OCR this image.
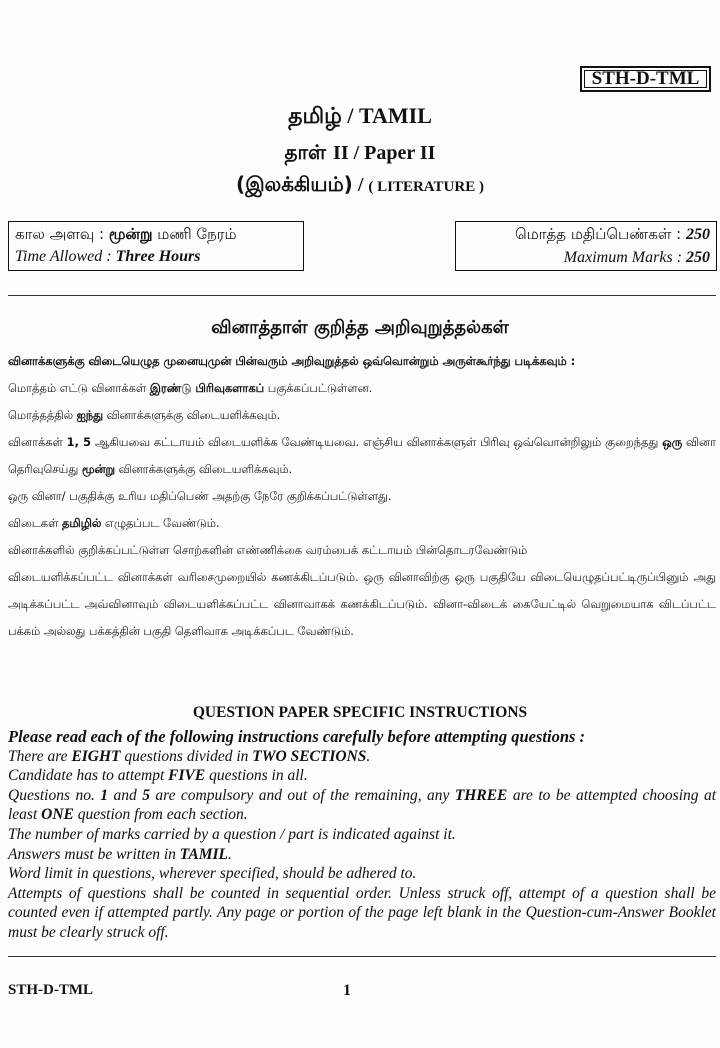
STH-D-TML
தமிழ் / TAMIL
தாள் II / Paper II
(இலக்கியம்) / ( LITERATURE )
கால அளவு : மூன்று மணி நேரம்
Time Allowed : Three Hours
மொத்த மதிப்பெண்கள் : 250
Maximum Marks : 250
வினாத்தாள் குறித்த அறிவுறுத்தல்கள்

வினாக்களுக்கு விடையெழுத முனையுமுன் பின்வரும் அறிவுறுத்தல் ஒவ்வொன்றும் அருள்கூர்ந்து படிக்கவும் :

மொத்தம் எட்டு வினாக்கள் இரண்டு பிரிவுகளாகப் பகுக்கப்பட்டுள்ளன.

மொத்தத்தில் ஐந்து வினாக்களுக்கு விடையளிக்கவும்.

வினாக்கள் 1, 5 ஆகியவை கட்டாயம் விடையளிக்க வேண்டியவை. எஞ்சிய வினாக்களுள் பிரிவு ஒவ்வொன்றிலும் குறைந்தது ஒரு வினா தெரிவுசெய்து மூன்று வினாக்களுக்கு விடையளிக்கவும்.

ஒரு வினா/ பகுதிக்கு உரிய மதிப்பெண் அதற்கு நேரே குறிக்கப்பட்டுள்ளது.

விடைகள் தமிழில் எழுதப்பட வேண்டும்.

வினாக்களில் குறிக்கப்பட்டுள்ள சொற்களின் எண்ணிக்கை வரம்பைக் கட்டாயம் பின்தொடரவேண்டும்

விடையளிக்கப்பட்ட வினாக்கள் வரிசைமுறையில் கணக்கிடப்படும். ஒரு வினாவிற்கு ஒரு பகுதியே விடையெழுதப்பட்டிருப்பினும் அது அடிக்கப்பட்ட அவ்வினாவும் விடையளிக்கப்பட்ட வினாவாகக் கணக்கிடப்படும். வினா-விடைக் கையேட்டில் வெறுமையாக விடப்பட்ட பக்கம் அல்லது பக்கத்தின் பகுதி தெளிவாக அடிக்கப்பட வேண்டும்.

QUESTION PAPER SPECIFIC INSTRUCTIONS

Please read each of the following instructions carefully before attempting questions :

There are EIGHT questions divided in TWO SECTIONS.

Candidate has to attempt FIVE questions in all.

Questions no. 1 and 5 are compulsory and out of the remaining, any THREE are to be attempted choosing at least ONE question from each section.

The number of marks carried by a question / part is indicated against it.

Answers must be written in TAMIL.

Word limit in questions, wherever specified, should be adhered to.

Attempts of questions shall be counted in sequential order. Unless struck off, attempt of a question shall be counted even if attempted partly. Any page or portion of the page left blank in the Question-cum-Answer Booklet must be clearly struck off.

STH-D-TML	1
